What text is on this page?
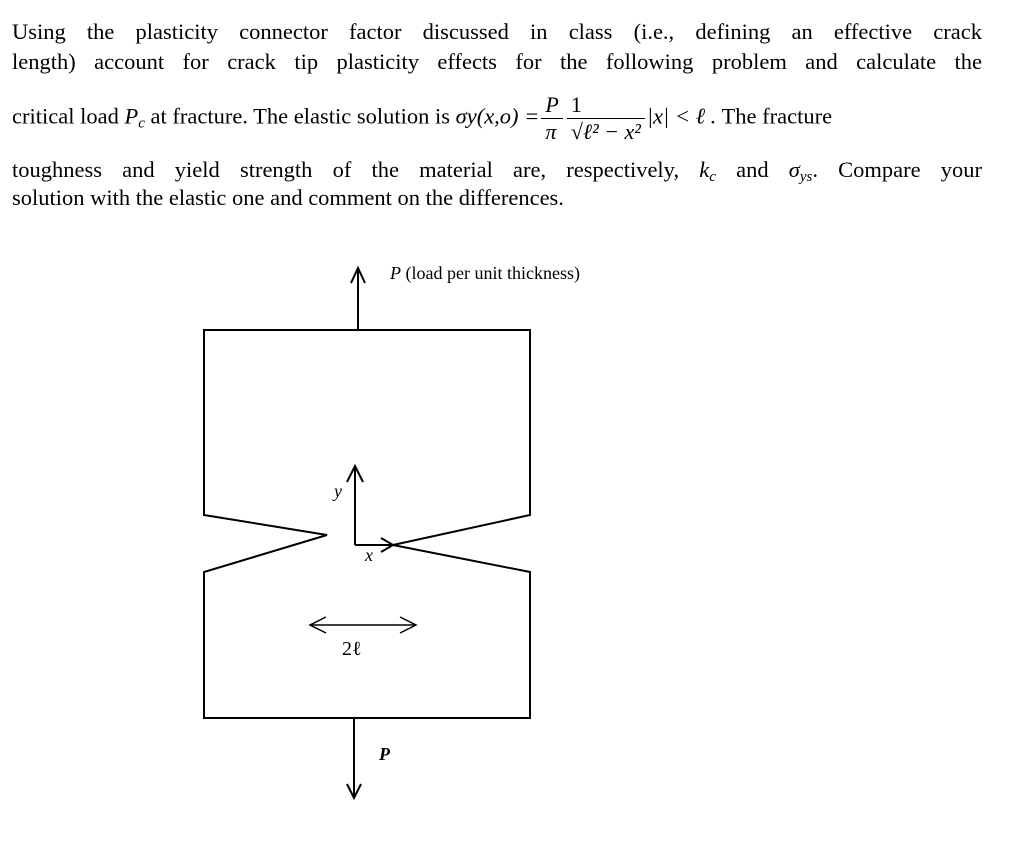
Using the plasticity connector factor discussed in class (i.e., defining an effective crack
length) account for crack tip plasticity effects for the following problem and calculate the
critical load $P_c$ at fracture. The elastic solution is $\sigma y(x,o) = \frac{P}{\pi} \frac{1}{\text{√ℓ² − x²}} |x|$ < ℓ . The fracture
toughness and yield strength of the material are, respectively, $k_c$ and $\sigma_{ys}$. Compare your
solution with the elastic one and comment on the differences.
P (load per unit thickness)
y
x
2ℓ
P
